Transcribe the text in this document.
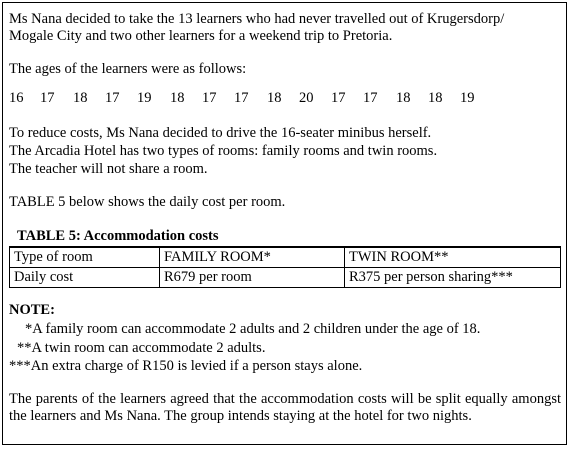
Ms Nana decided to take the 13 learners who had never travelled out of Krugersdorp/

Mogale City and two other learners for a weekend trip to Pretoria.

The ages of the learners were as follows:

16 17 18 17 19 18 17 17 18 20 17 17 18 18 19

To reduce costs, Ms Nana decided to drive the 16-seater minibus herself.

The Arcadia Hotel has two types of rooms: family rooms and twin rooms.

The teacher will not share a room.

TABLE 5 below shows the daily cost per room.

TABLE 5: Accommodation costs

Type of room	FAMILY ROOM*	TWIN ROOM**
Daily cost	R679 per room	R375 per person sharing***

NOTE:

*A family room can accommodate 2 adults and 2 children under the age of 18.

**A twin room can accommodate 2 adults.

***An extra charge of R150 is levied if a person stays alone.

The parents of the learners agreed that the accommodation costs will be split equally amongst the learners and Ms Nana. The group intends staying at the hotel for two nights.
